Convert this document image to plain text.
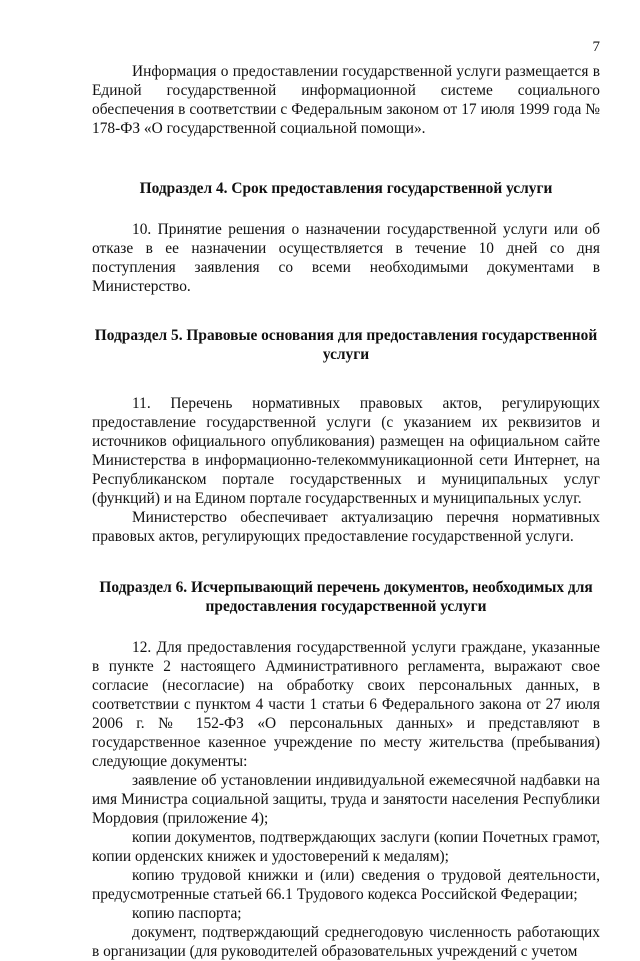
7

Информация о предоставлении государственной услуги размещается в Единой государственной информационной системе социального обеспечения в соответствии с Федеральным законом от 17 июля 1999 года № 178-ФЗ «О государственной социальной помощи».

Подраздел 4. Срок предоставления государственной услуги

10. Принятие решения о назначении государственной услуги или об отказе в ее назначении осуществляется в течение 10 дней со дня поступления заявления со всеми необходимыми документами в Министерство.

Подраздел 5. Правовые основания для предоставления государственной услуги

11. Перечень нормативных правовых актов, регулирующих предоставление государственной услуги (с указанием их реквизитов и источников официального опубликования) размещен на официальном сайте Министерства в информационно-телекоммуникационной сети Интернет, на Республиканском портале государственных и муниципальных услуг (функций) и на Едином портале государственных и муниципальных услуг.

Министерство обеспечивает актуализацию перечня нормативных правовых актов, регулирующих предоставление государственной услуги.

Подраздел 6. Исчерпывающий перечень документов, необходимых для предоставления государственной услуги

12. Для предоставления государственной услуги граждане, указанные в пункте 2 настоящего Административного регламента, выражают свое согласие (несогласие) на обработку своих персональных данных, в соответствии с пунктом 4 части 1 статьи 6 Федерального закона от 27 июля 2006 г. № 152-ФЗ «О персональных данных» и представляют в государственное казенное учреждение по месту жительства (пребывания) следующие документы:

заявление об установлении индивидуальной ежемесячной надбавки на имя Министра социальной защиты, труда и занятости населения Республики Мордовия (приложение 4);

копии документов, подтверждающих заслуги (копии Почетных грамот, копии орденских книжек и удостоверений к медалям);

копию трудовой книжки и (или) сведения о трудовой деятельности, предусмотренные статьей 66.1 Трудового кодекса Российской Федерации;

копию паспорта;

документ, подтверждающий среднегодовую численность работающих в организации (для руководителей образовательных учреждений с учетом
